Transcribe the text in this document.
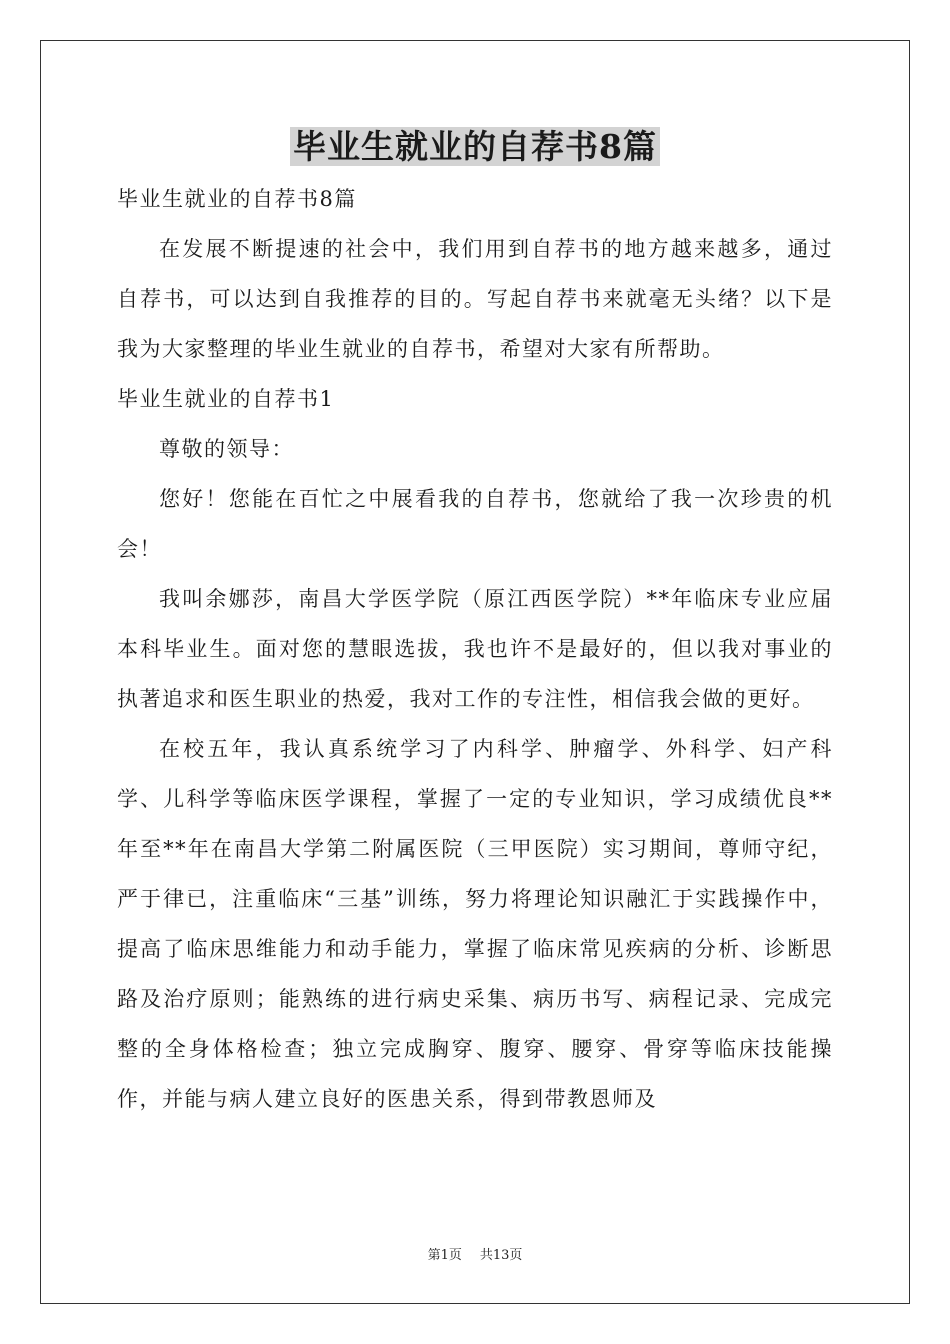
毕业生就业的自荐书8篇

毕业生就业的自荐书8篇

在发展不断提速的社会中，我们用到自荐书的地方越来越多，通过自荐书，可以达到自我推荐的目的。写起自荐书来就毫无头绪？以下是我为大家整理的毕业生就业的自荐书，希望对大家有所帮助。

毕业生就业的自荐书1

尊敬的领导：

您好！您能在百忙之中展看我的自荐书，您就给了我一次珍贵的机会！

我叫余娜莎，南昌大学医学院（原江西医学院）**年临床专业应届本科毕业生。面对您的慧眼选拔，我也许不是最好的，但以我对事业的执著追求和医生职业的热爱，我对工作的专注性，相信我会做的更好。

在校五年，我认真系统学习了内科学、肿瘤学、外科学、妇产科学、儿科学等临床医学课程，掌握了一定的专业知识，学习成绩优良**年至**年在南昌大学第二附属医院（三甲医院）实习期间，尊师守纪，严于律已，注重临床“三基”训练，努力将理论知识融汇于实践操作中，提高了临床思维能力和动手能力，掌握了临床常见疾病的分析、诊断思路及治疗原则；能熟练的进行病史采集、病历书写、病程记录、完成完整的全身体格检查；独立完成胸穿、腹穿、腰穿、骨穿等临床技能操作，并能与病人建立良好的医患关系，得到带教恩师及

第1页 共13页
